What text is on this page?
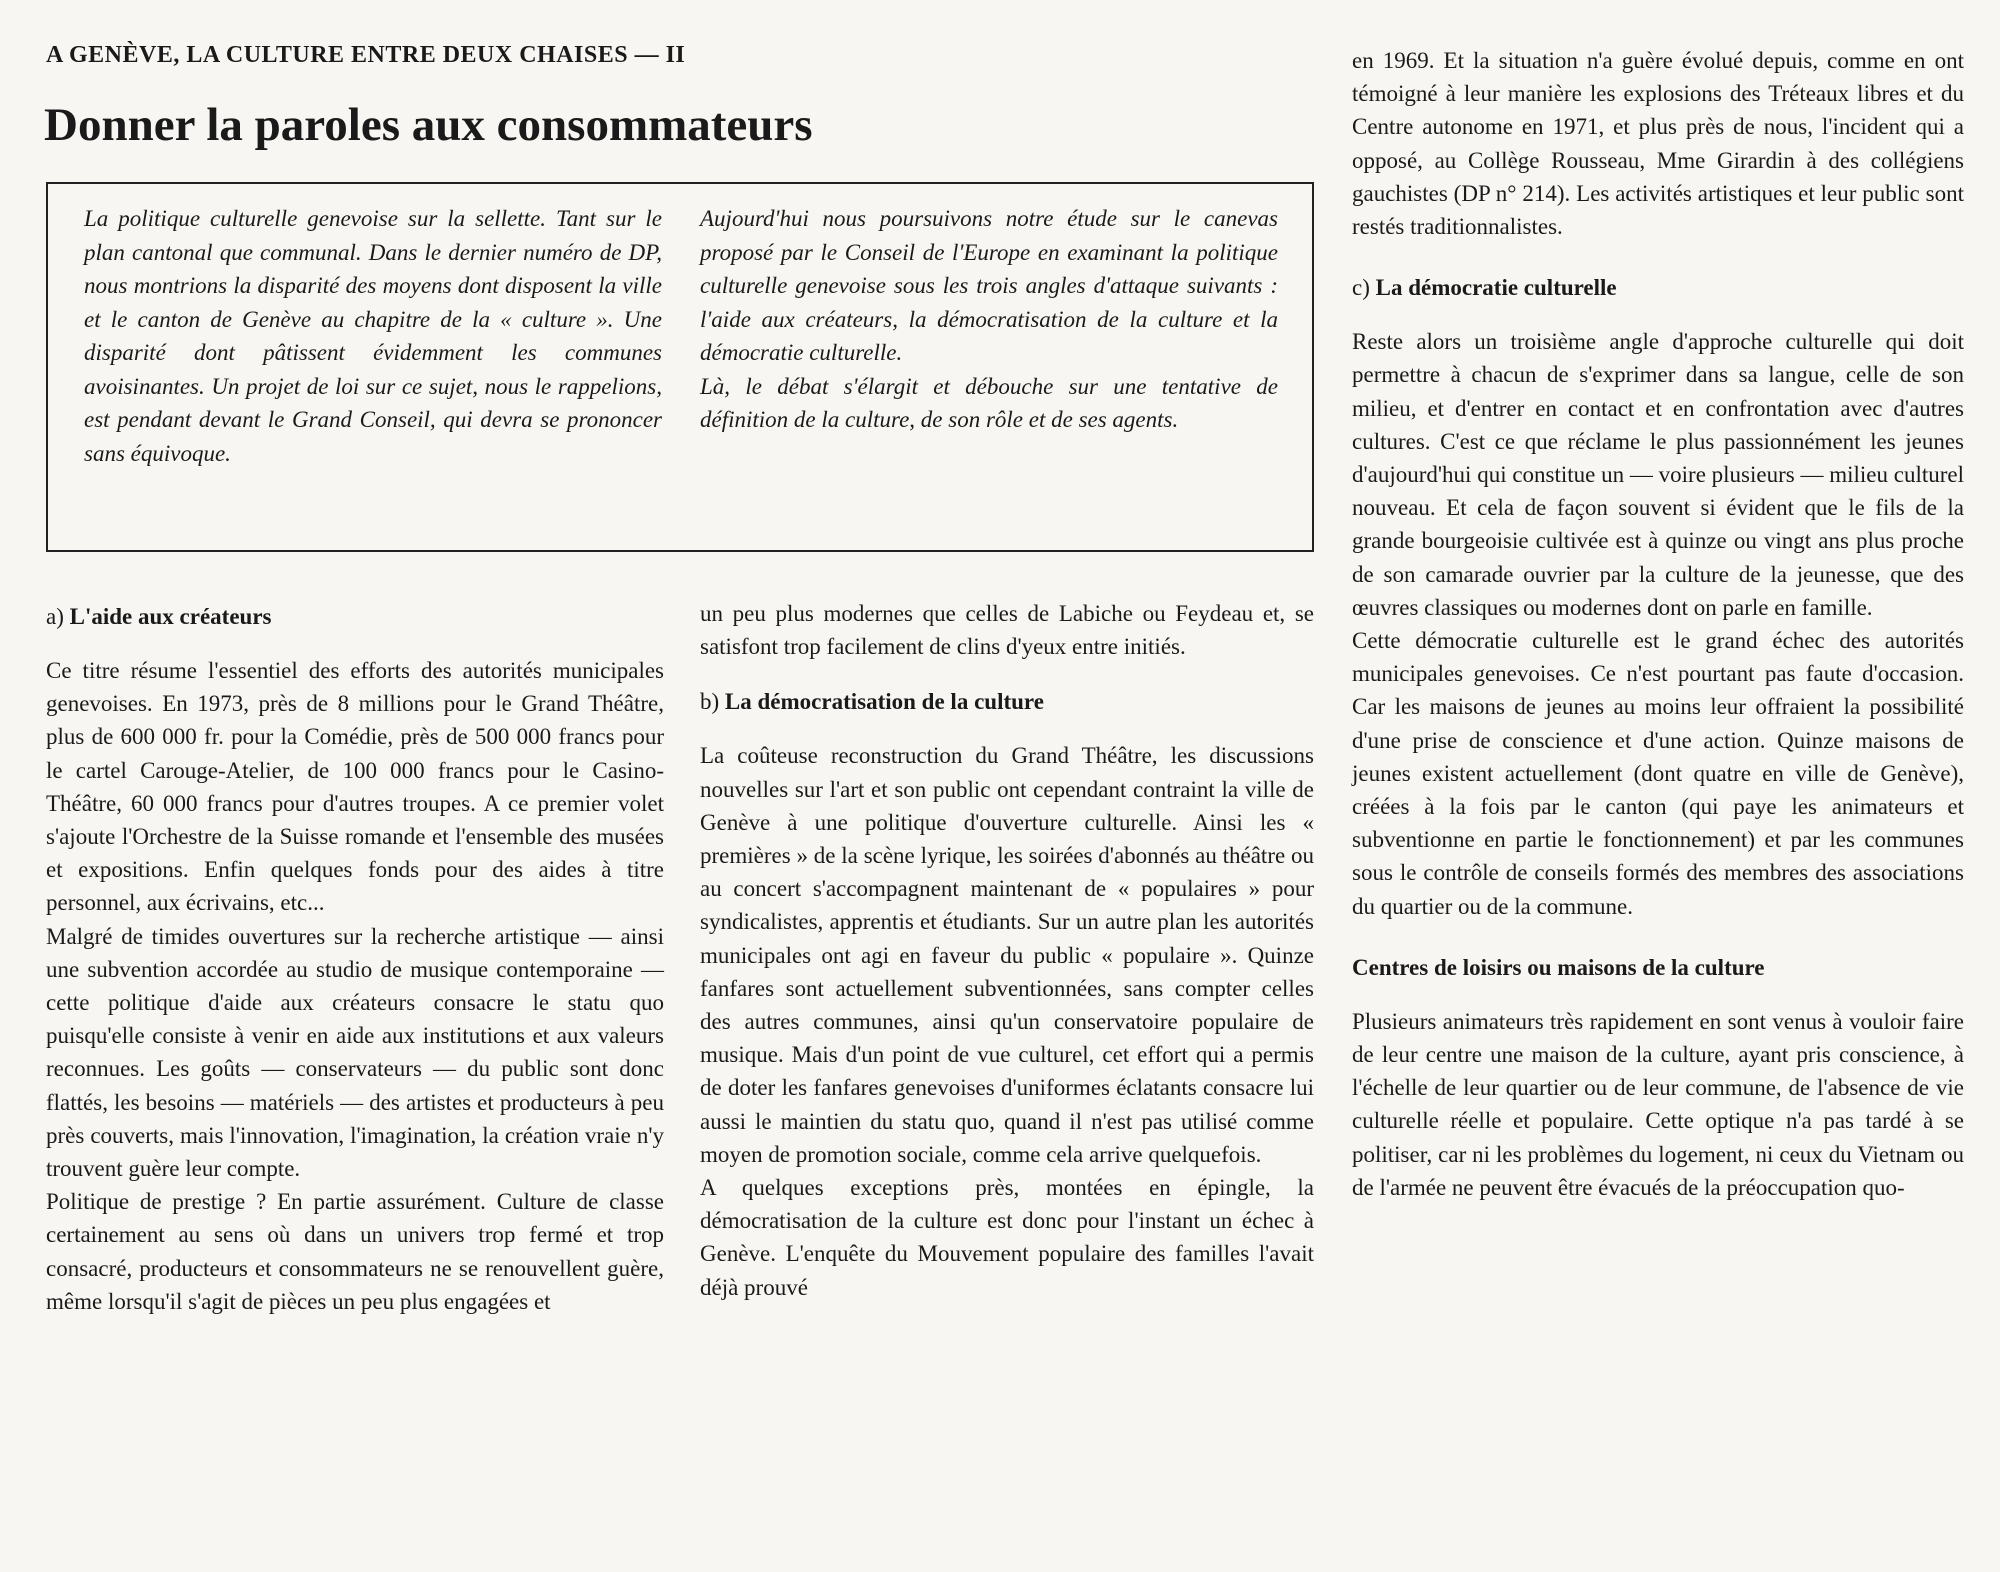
A GENÈVE, LA CULTURE ENTRE DEUX CHAISES — II
Donner la paroles aux consommateurs

La politique culturelle genevoise sur la sellette. Tant sur le plan cantonal que communal. Dans le dernier numéro de DP, nous montrions la disparité des moyens dont disposent la ville et le canton de Genève au chapitre de la « culture ». Une disparité dont pâtissent évidemment les communes avoisinantes. Un projet de loi sur ce sujet, nous le rappelions, est pendant devant le Grand Conseil, qui devra se prononcer sans équivoque.

Aujourd'hui nous poursuivons notre étude sur le canevas proposé par le Conseil de l'Europe en examinant la politique culturelle genevoise sous les trois angles d'attaque suivants : l'aide aux créateurs, la démocratisation de la culture et la démocratie culturelle.
Là, le débat s'élargit et débouche sur une tentative de définition de la culture, de son rôle et de ses agents.

a) L'aide aux créateurs

Ce titre résume l'essentiel des efforts des autorités municipales genevoises. En 1973, près de 8 millions pour le Grand Théâtre, plus de 600 000 fr. pour la Comédie, près de 500 000 francs pour le cartel Carouge-Atelier, de 100 000 francs pour le Casino-Théâtre, 60 000 francs pour d'autres troupes. A ce premier volet s'ajoute l'Orchestre de la Suisse romande et l'ensemble des musées et expositions. Enfin quelques fonds pour des aides à titre personnel, aux écrivains, etc...

Malgré de timides ouvertures sur la recherche artistique — ainsi une subvention accordée au studio de musique contemporaine — cette politique d'aide aux créateurs consacre le statu quo puisqu'elle consiste à venir en aide aux institutions et aux valeurs reconnues. Les goûts — conservateurs — du public sont donc flattés, les besoins — matériels — des artistes et producteurs à peu près couverts, mais l'innovation, l'imagination, la création vraie n'y trouvent guère leur compte.

Politique de prestige ? En partie assurément. Culture de classe certainement au sens où dans un univers trop fermé et trop consacré, producteurs et consommateurs ne se renouvellent guère, même lorsqu'il s'agit de pièces un peu plus engagées et

un peu plus modernes que celles de Labiche ou Feydeau et, se satisfont trop facilement de clins d'yeux entre initiés.

b) La démocratisation de la culture

La coûteuse reconstruction du Grand Théâtre, les discussions nouvelles sur l'art et son public ont cependant contraint la ville de Genève à une politique d'ouverture culturelle. Ainsi les « premières » de la scène lyrique, les soirées d'abonnés au théâtre ou au concert s'accompagnent maintenant de « populaires » pour syndicalistes, apprentis et étudiants. Sur un autre plan les autorités municipales ont agi en faveur du public « populaire ». Quinze fanfares sont actuellement subventionnées, sans compter celles des autres communes, ainsi qu'un conservatoire populaire de musique. Mais d'un point de vue culturel, cet effort qui a permis de doter les fanfares genevoises d'uniformes éclatants consacre lui aussi le maintien du statu quo, quand il n'est pas utilisé comme moyen de promotion sociale, comme cela arrive quelquefois.

A quelques exceptions près, montées en épingle, la démocratisation de la culture est donc pour l'instant un échec à Genève. L'enquête du Mouvement populaire des familles l'avait déjà prouvé

en 1969. Et la situation n'a guère évolué depuis, comme en ont témoigné à leur manière les explosions des Tréteaux libres et du Centre autonome en 1971, et plus près de nous, l'incident qui a opposé, au Collège Rousseau, Mme Girardin à des collégiens gauchistes (DP n° 214). Les activités artistiques et leur public sont restés traditionnalistes.

c) La démocratie culturelle

Reste alors un troisième angle d'approche culturelle qui doit permettre à chacun de s'exprimer dans sa langue, celle de son milieu, et d'entrer en contact et en confrontation avec d'autres cultures. C'est ce que réclame le plus passionnément les jeunes d'aujourd'hui qui constitue un — voire plusieurs — milieu culturel nouveau. Et cela de façon souvent si évident que le fils de la grande bourgeoisie cultivée est à quinze ou vingt ans plus proche de son camarade ouvrier par la culture de la jeunesse, que des œuvres classiques ou modernes dont on parle en famille.

Cette démocratie culturelle est le grand échec des autorités municipales genevoises. Ce n'est pourtant pas faute d'occasion. Car les maisons de jeunes au moins leur offraient la possibilité d'une prise de conscience et d'une action. Quinze maisons de jeunes existent actuellement (dont quatre en ville de Genève), créées à la fois par le canton (qui paye les animateurs et subventionne en partie le fonctionnement) et par les communes sous le contrôle de conseils formés des membres des associations du quartier ou de la commune.

Centres de loisirs ou maisons de la culture

Plusieurs animateurs très rapidement en sont venus à vouloir faire de leur centre une maison de la culture, ayant pris conscience, à l'échelle de leur quartier ou de leur commune, de l'absence de vie culturelle réelle et populaire. Cette optique n'a pas tardé à se politiser, car ni les problèmes du logement, ni ceux du Vietnam ou de l'armée ne peuvent être évacués de la préoccupation quo-
